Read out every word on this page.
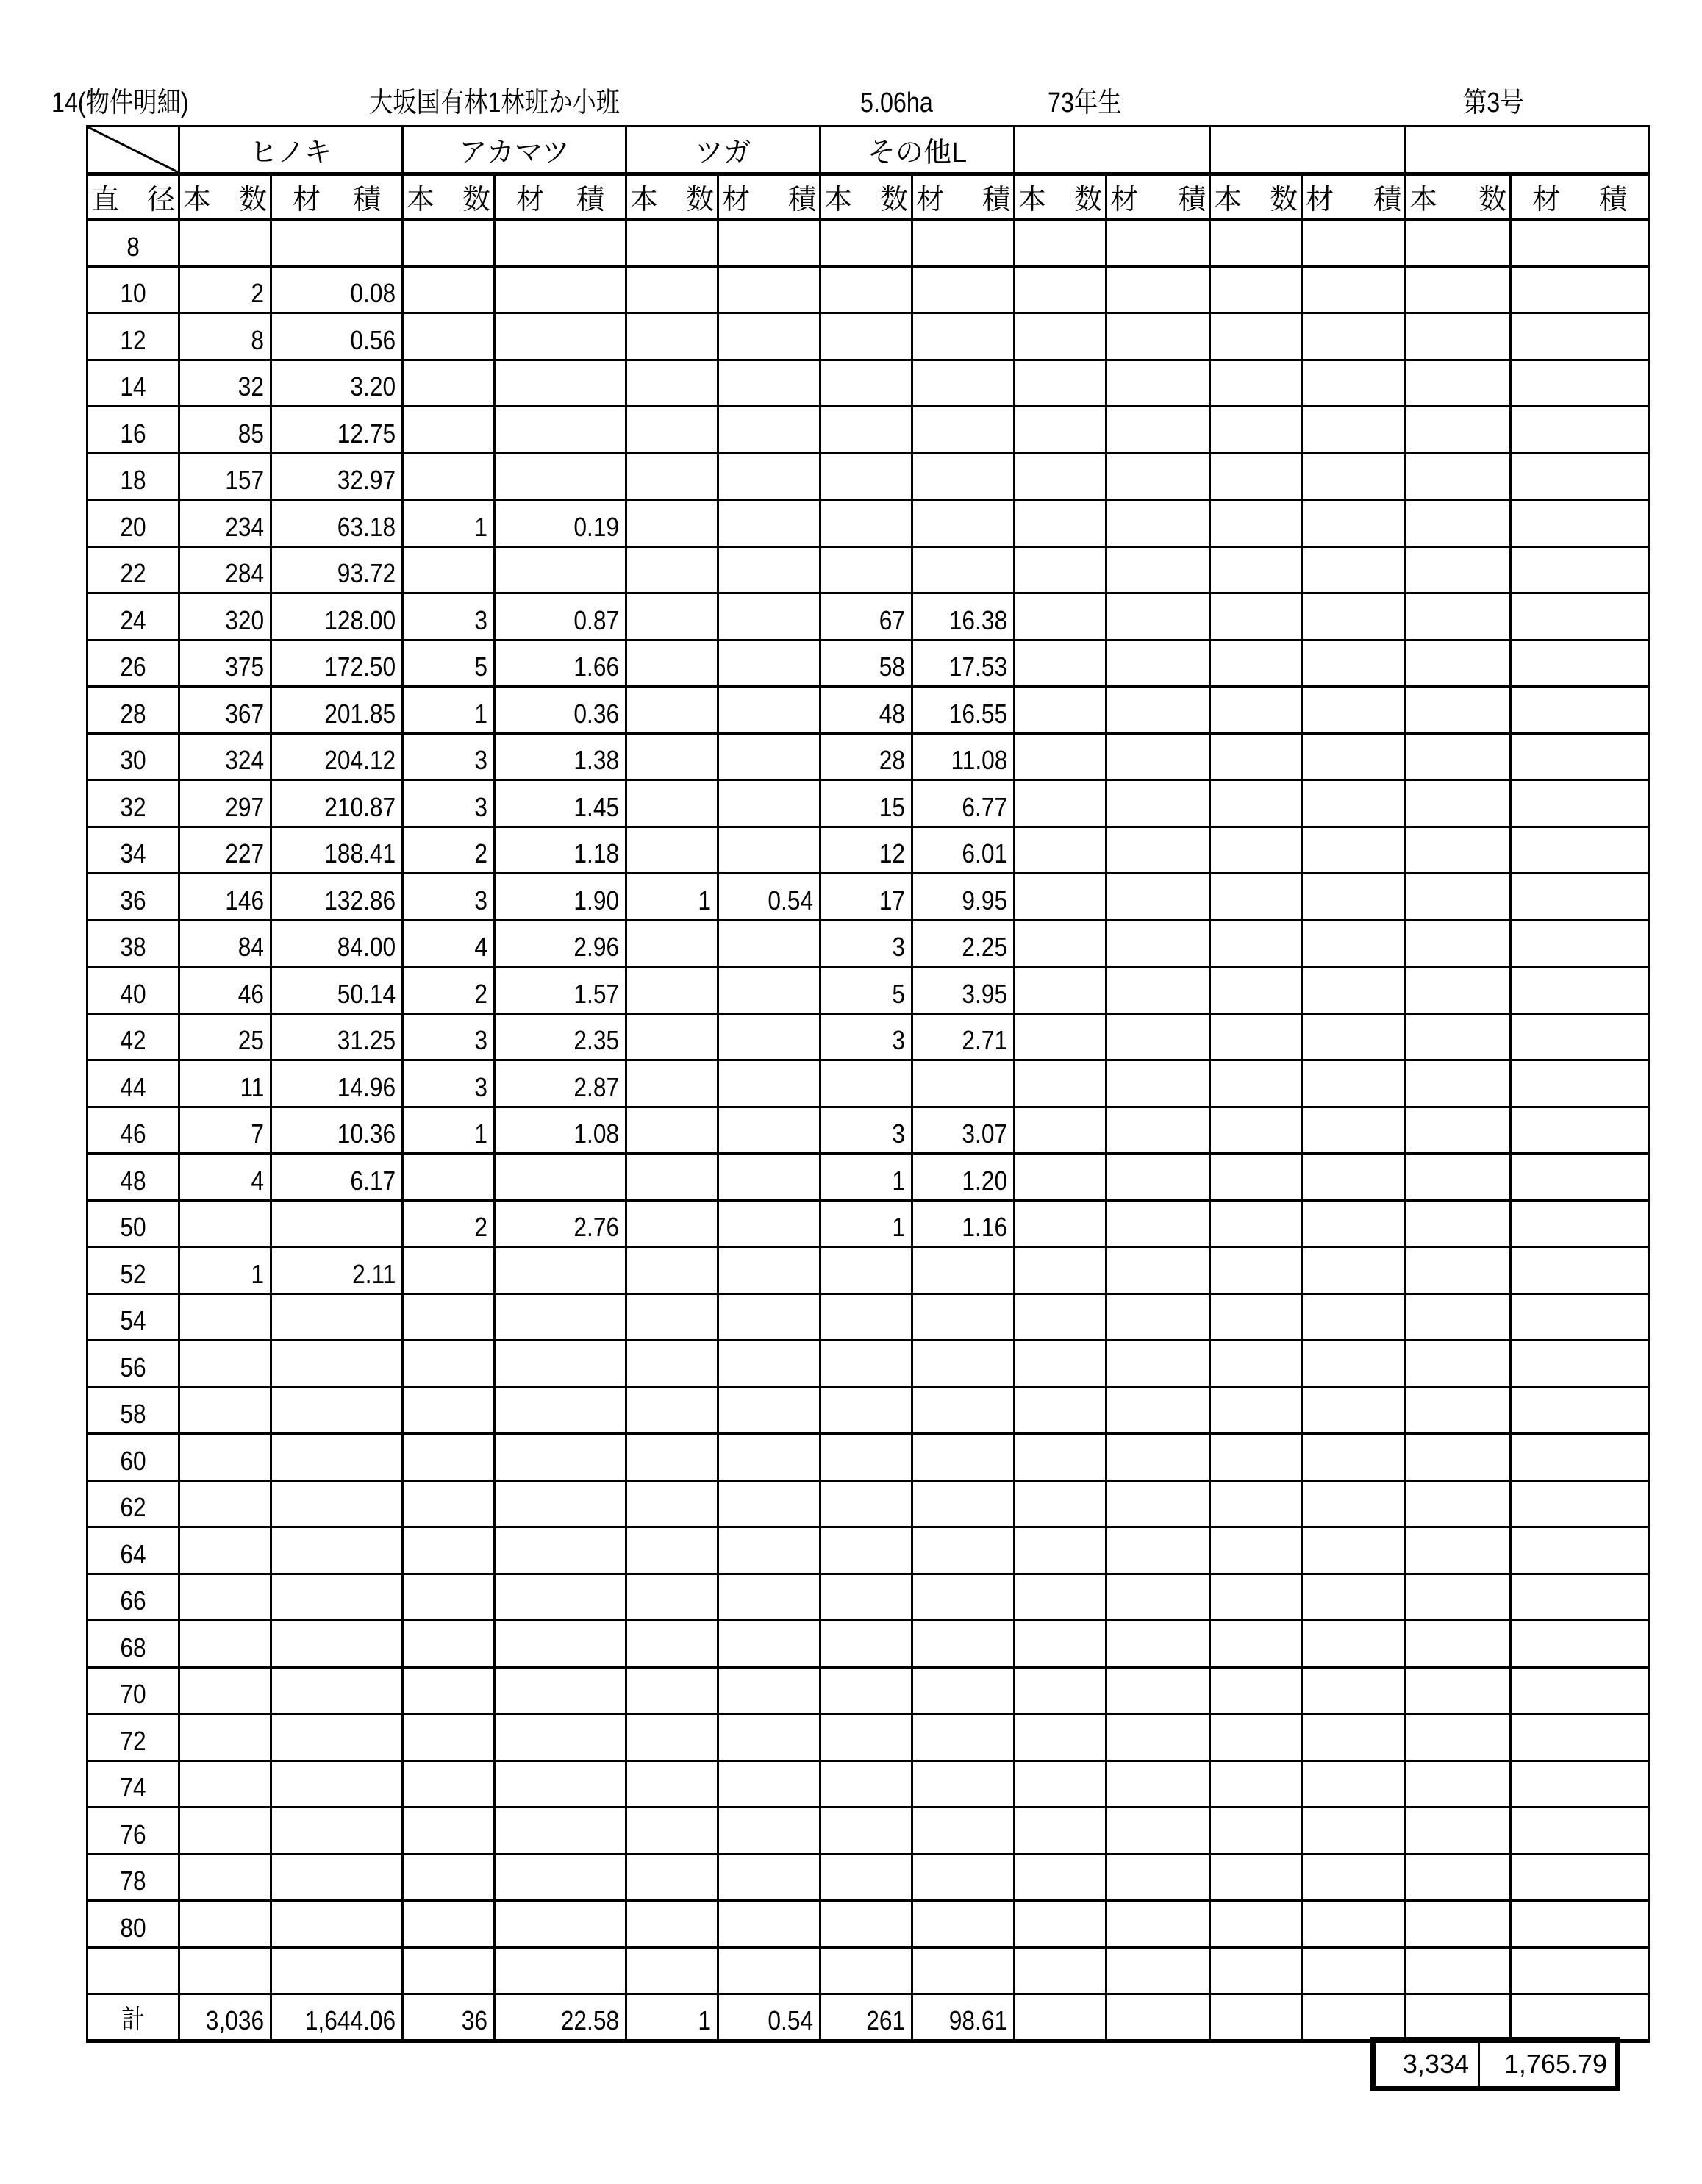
14(物件明細)	大坂国有林1林班か小班	5.06ha	73年生	第3号
	ヒノキ		アカマツ		ツガ		その他L							
直　径	本　数	材　積	本　数	材　積	本　数	材　積	本　数	材　積	本　数	材　積	本　数	材　積	本　数	材　積
8														
10	2	0.08												
12	8	0.56												
14	32	3.20												
16	85	12.75												
18	157	32.97												
20	234	63.18	1	0.19										
22	284	93.72												
24	320	128.00	3	0.87			67	16.38						
26	375	172.50	5	1.66			58	17.53						
28	367	201.85	1	0.36			48	16.55						
30	324	204.12	3	1.38			28	11.08						
32	297	210.87	3	1.45			15	6.77						
34	227	188.41	2	1.18			12	6.01						
36	146	132.86	3	1.90	1	0.54	17	9.95						
38	84	84.00	4	2.96			3	2.25						
40	46	50.14	2	1.57			5	3.95						
42	25	31.25	3	2.35			3	2.71						
44	11	14.96	3	2.87										
46	7	10.36	1	1.08			3	3.07						
48	4	6.17					1	1.20						
50			2	2.76			1	1.16						
52	1	2.11												
54														
56														
58														
60														
62														
64														
66														
68														
70														
72														
74														
76														
78														
80														

計	3,036	1,644.06	36	22.58	1	0.54	261	98.61						
3,334	1,765.79
